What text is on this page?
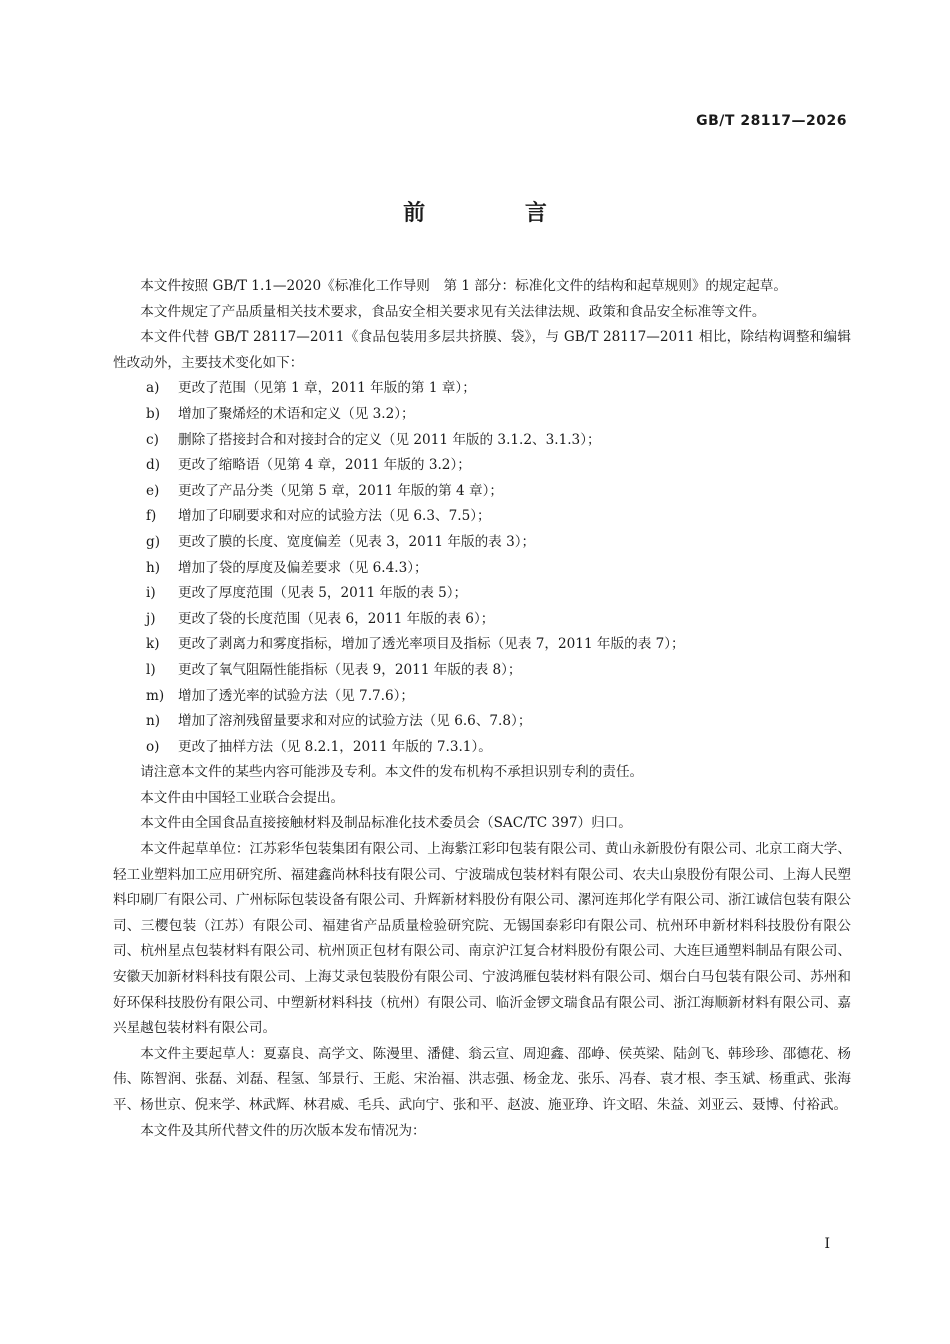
GB/T 28117—2026
前 言

本文件按照 GB/T 1.1—2020《标准化工作导则　第 1 部分：标准化文件的结构和起草规则》的规定起草。

本文件规定了产品质量相关技术要求，食品安全相关要求见有关法律法规、政策和食品安全标准等文件。

本文件代替 GB/T 28117—2011《食品包装用多层共挤膜、袋》，与 GB/T 28117—2011 相比，除结构调整和编辑性改动外，主要技术变化如下：

a)	更改了范围（见第 1 章，2011 年版的第 1 章）；
b)	增加了聚烯烃的术语和定义（见 3.2）；
c)	删除了搭接封合和对接封合的定义（见 2011 年版的 3.1.2、3.1.3）；
d)	更改了缩略语（见第 4 章，2011 年版的 3.2）；
e)	更改了产品分类（见第 5 章，2011 年版的第 4 章）；
f)	增加了印刷要求和对应的试验方法（见 6.3、7.5）；
g)	更改了膜的长度、宽度偏差（见表 3，2011 年版的表 3）；
h)	增加了袋的厚度及偏差要求（见 6.4.3）；
i)	更改了厚度范围（见表 5，2011 年版的表 5）；
j)	更改了袋的长度范围（见表 6，2011 年版的表 6）；
k)	更改了剥离力和雾度指标，增加了透光率项目及指标（见表 7，2011 年版的表 7）；
l)	更改了氧气阻隔性能指标（见表 9，2011 年版的表 8）；
m)	增加了透光率的试验方法（见 7.7.6）；
n)	增加了溶剂残留量要求和对应的试验方法（见 6.6、7.8）；
o)	更改了抽样方法（见 8.2.1，2011 年版的 7.3.1）。

请注意本文件的某些内容可能涉及专利。本文件的发布机构不承担识别专利的责任。

本文件由中国轻工业联合会提出。

本文件由全国食品直接接触材料及制品标准化技术委员会（SAC/TC 397）归口。

本文件起草单位：江苏彩华包装集团有限公司、上海紫江彩印包装有限公司、黄山永新股份有限公司、北京工商大学、轻工业塑料加工应用研究所、福建鑫尚林科技有限公司、宁波瑞成包装材料有限公司、农夫山泉股份有限公司、上海人民塑料印刷厂有限公司、广州标际包装设备有限公司、升辉新材料股份有限公司、漯河连邦化学有限公司、浙江诚信包装有限公司、三樱包装（江苏）有限公司、福建省产品质量检验研究院、无锡国泰彩印有限公司、杭州环申新材料科技股份有限公司、杭州星点包装材料有限公司、杭州顶正包材有限公司、南京沪江复合材料股份有限公司、大连巨通塑料制品有限公司、安徽天加新材料科技有限公司、上海艾录包装股份有限公司、宁波鸿雁包装材料有限公司、烟台白马包装有限公司、苏州和好环保科技股份有限公司、中塑新材料科技（杭州）有限公司、临沂金锣文瑞食品有限公司、浙江海顺新材料有限公司、嘉兴星越包装材料有限公司。

本文件主要起草人：夏嘉良、高学文、陈漫里、潘健、翁云宣、周迎鑫、邵峥、侯英梁、陆剑飞、韩珍珍、邵德花、杨伟、陈智润、张磊、刘磊、程氢、邹景行、王彪、宋治福、洪志强、杨金龙、张乐、冯春、袁才根、李玉斌、杨重武、张海平、杨世京、倪来学、林武辉、林君威、毛兵、武向宁、张和平、赵波、施亚琤、许文昭、朱益、刘亚云、聂博、付裕武。

本文件及其所代替文件的历次版本发布情况为：

I
